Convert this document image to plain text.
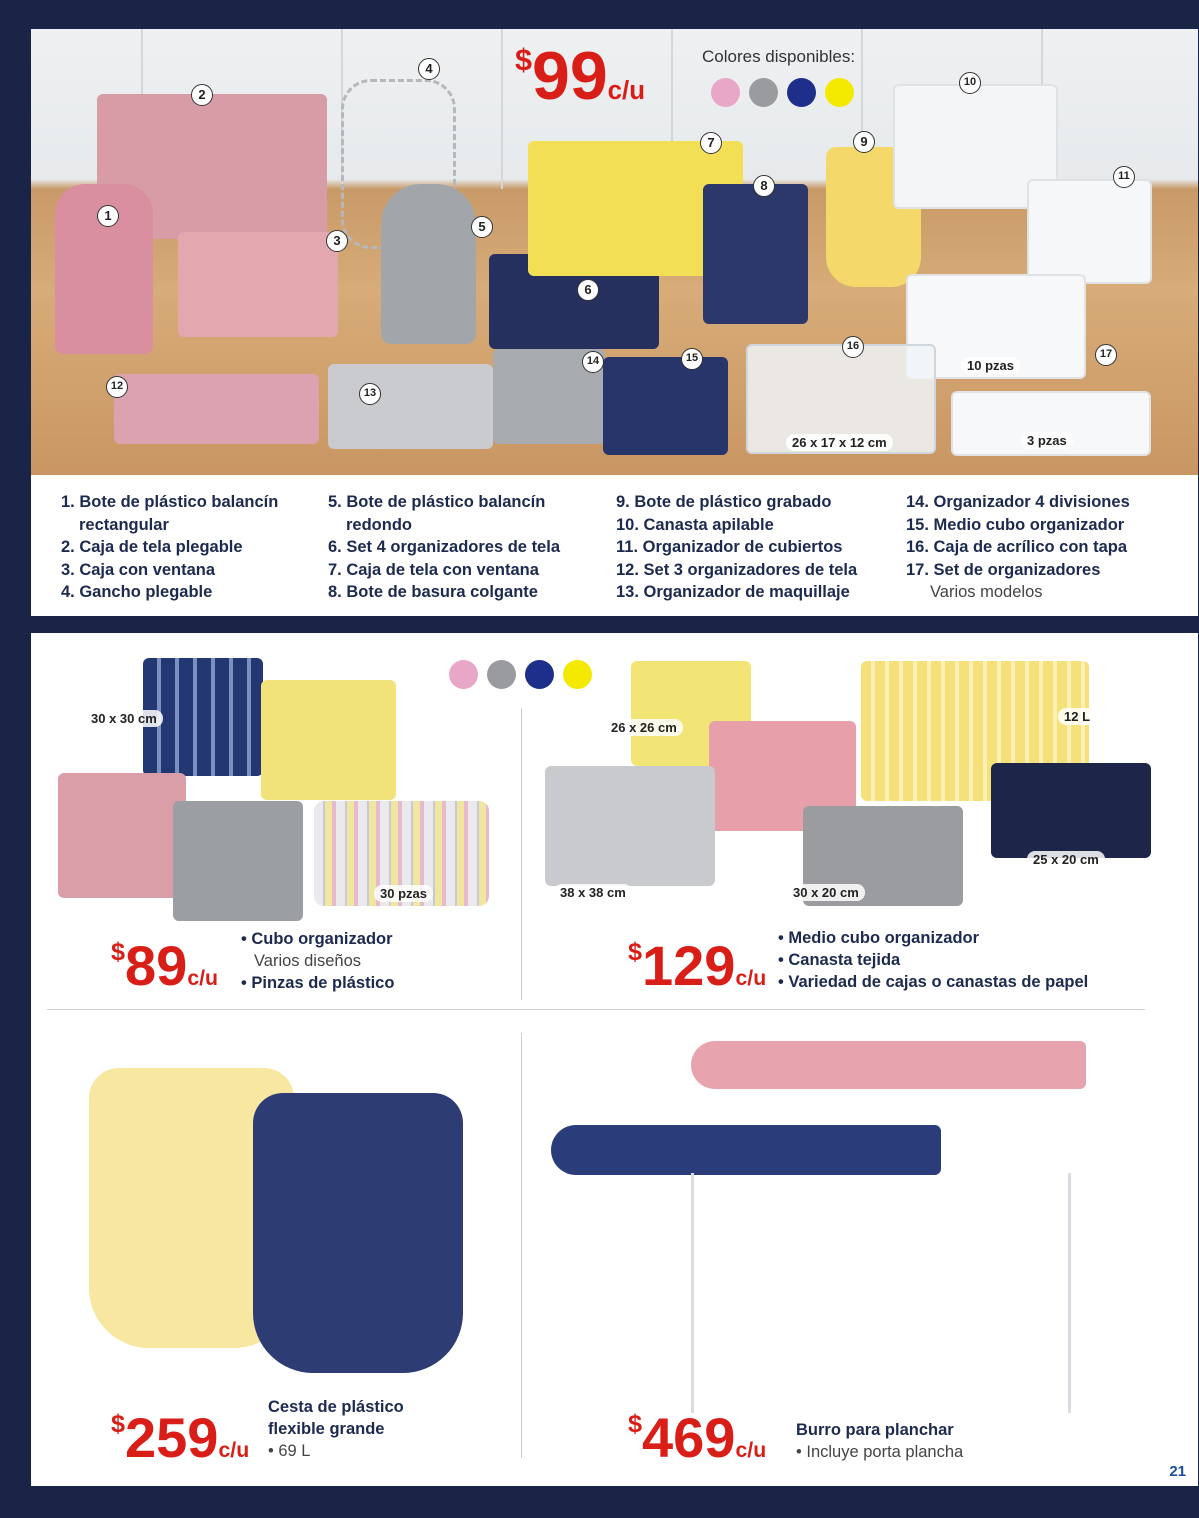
1
2
3
4
5
6
7
8
9
10
11
12
13
14	15
16
17
10 pzas
3 pzas
26 x 17 x 12 cm
$99c/u
Colores disponibles:
1. Bote de plástico balancín
rectangular
2. Caja de tela plegable
3. Caja con ventana
4. Gancho plegable
5. Bote de plástico balancín
redondo
6. Set 4 organizadores de tela
7. Caja de tela con ventana
8. Bote de basura colgante
9. Bote de plástico grabado
10. Canasta apilable
11. Organizador de cubiertos
12. Set 3 organizadores de tela
13. Organizador de maquillaje
14. Organizador 4 divisiones
15. Medio cubo organizador
16. Caja de acrílico con tapa
17. Set de organizadores
Varios modelos
30 x 30 cm
30 pzas
$89c/u
• Cubo organizador
Varios diseños
• Pinzas de plástico
26 x 26 cm
12 L
38 x 38 cm	30 x 20 cm
25 x 20 cm
$129c/u
• Medio cubo organizador
• Canasta tejida
• Variedad de cajas o canastas de papel
$259c/u
Cesta de plástico
flexible grande
• 69 L
$469c/u
Burro para planchar
• Incluye porta plancha
21
